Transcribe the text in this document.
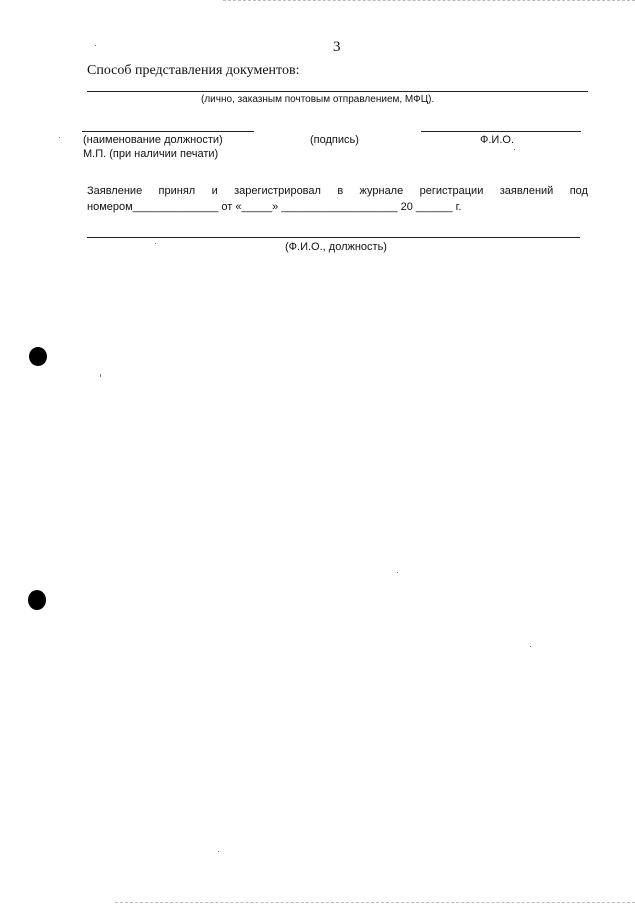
3
Способ представления документов:
(лично, заказным почтовым отправлением, МФЦ).
(наименование должности)	(подпись)	Ф.И.О.
М.П. (при наличии печати)
Заявление принял и зарегистрировал в журнале регистрации заявлений под
номером______________ от «_____» ___________________ 20 ______ г.
(Ф.И.О., должность)
